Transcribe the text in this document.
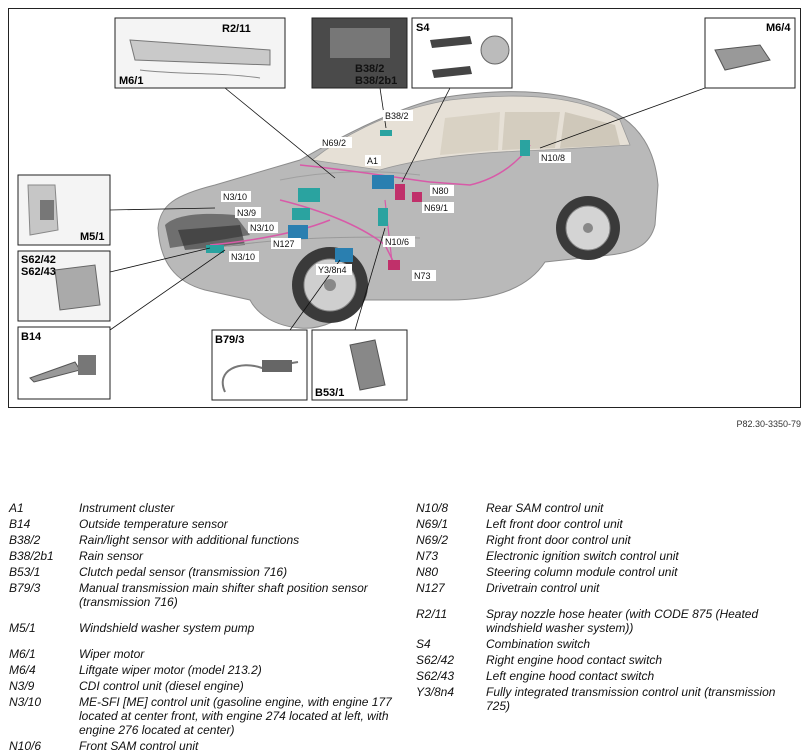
R2/11
M6/1
B38/2
B38/2b1
S4	M6/4
M5/1
S62/42
S62/43
B14	B79/3
B53/1
B38/2
N69/2
A1	N10/8
N80
N69/1
N3/10
N3/9
N3/10
N127	N10/6
N3/10
Y3/8n4
N73
P82.30-3350-79
A1	Instrument cluster
B14	Outside temperature sensor
B38/2	Rain/light sensor with additional functions
B38/2b1	Rain sensor
B53/1	Clutch pedal sensor (transmission 716)
B79/3	Manual transmission main shifter shaft position sensor (transmission 716)
M5/1	Windshield washer system pump
M6/1	Wiper motor
M6/4	Liftgate wiper motor (model 213.2)
N3/9	CDI control unit (diesel engine)
N3/10	ME-SFI [ME] control unit (gasoline engine, with engine 177 located at center front, with engine 274 located at left, with engine 276 located at center)
N10/6	Front SAM control unit
N10/8	Rear SAM control unit
N69/1	Left front door control unit
N69/2	Right front door control unit
N73	Electronic ignition switch control unit
N80	Steering column module control unit
N127	Drivetrain control unit
R2/11	Spray nozzle hose heater (with CODE 875 (Heated windshield washer system))
S4	Combination switch
S62/42	Right engine hood contact switch
S62/43	Left engine hood contact switch
Y3/8n4	Fully integrated transmission control unit (transmission 725)
